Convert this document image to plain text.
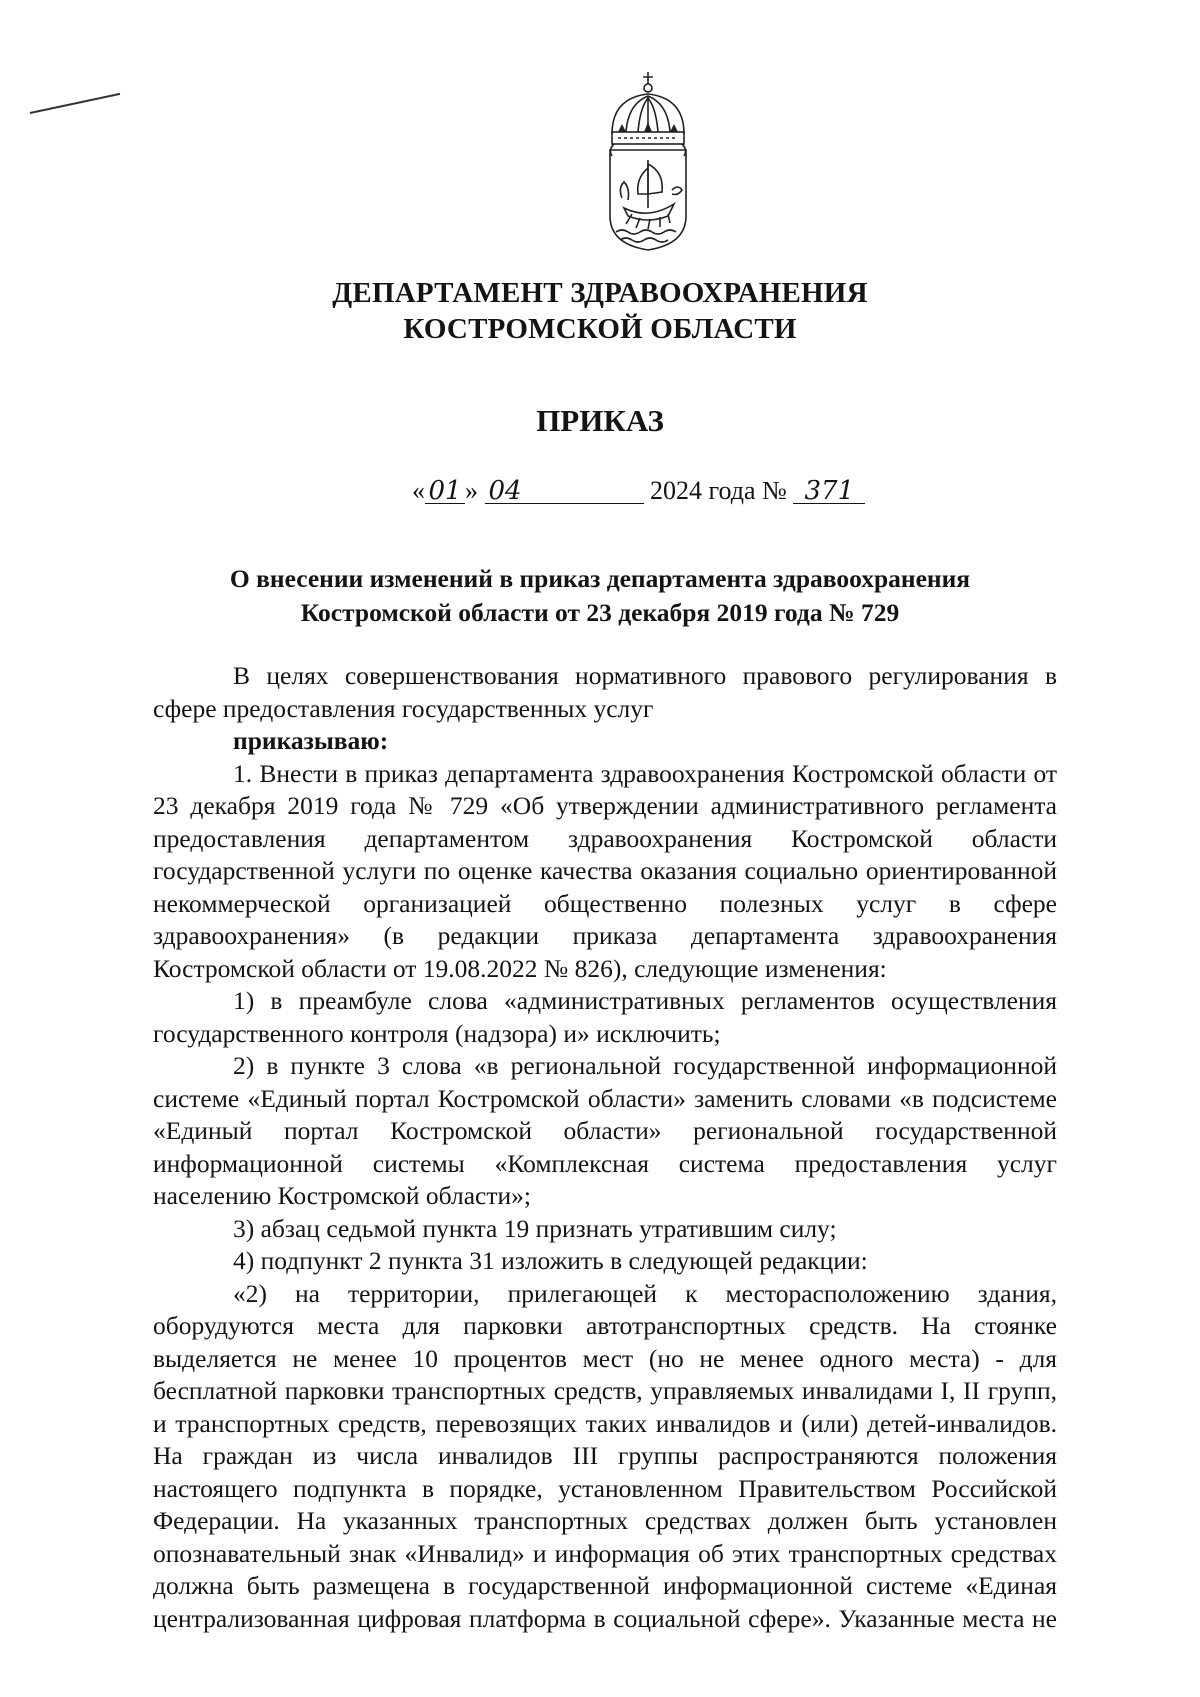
ДЕПАРТАМЕНТ ЗДРАВООХРАНЕНИЯ
КОСТРОМСКОЙ ОБЛАСТИ
ПРИКАЗ
« 01 » 04	2024 года № 371
О внесении изменений в приказ департамента здравоохранения
Костромской области от 23 декабря 2019 года № 729

В целях совершенствования нормативного правового регулирования в

сфере предоставления государственных услуг

приказываю:

1. Внести в приказ департамента здравоохранения Костромской области от

23 декабря 2019 года № 729 «Об утверждении административного регламента

предоставления департаментом здравоохранения Костромской области

государственной услуги по оценке качества оказания социально ориентированной

некоммерческой организацией общественно полезных услуг в сфере

здравоохранения» (в редакции приказа департамента здравоохранения

Костромской области от 19.08.2022 № 826), следующие изменения:

1) в преамбуле слова «административных регламентов осуществления

государственного контроля (надзора) и» исключить;

2) в пункте 3 слова «в региональной государственной информационной

системе «Единый портал Костромской области» заменить словами «в подсистеме

«Единый портал Костромской области» региональной государственной

информационной системы «Комплексная система предоставления услуг

населению Костромской области»;

3) абзац седьмой пункта 19 признать утратившим силу;

4) подпункт 2 пункта 31 изложить в следующей редакции:

«2) на территории, прилегающей к месторасположению здания,

оборудуются места для парковки автотранспортных средств. На стоянке

выделяется не менее 10 процентов мест (но не менее одного места) - для

бесплатной парковки транспортных средств, управляемых инвалидами I, II групп,

и транспортных средств, перевозящих таких инвалидов и (или) детей-инвалидов.

На граждан из числа инвалидов III группы распространяются положения

настоящего подпункта в порядке, установленном Правительством Российской

Федерации. На указанных транспортных средствах должен быть установлен

опознавательный знак «Инвалид» и информация об этих транспортных средствах

должна быть размещена в государственной информационной системе «Единая

централизованная цифровая платформа в социальной сфере». Указанные места не
